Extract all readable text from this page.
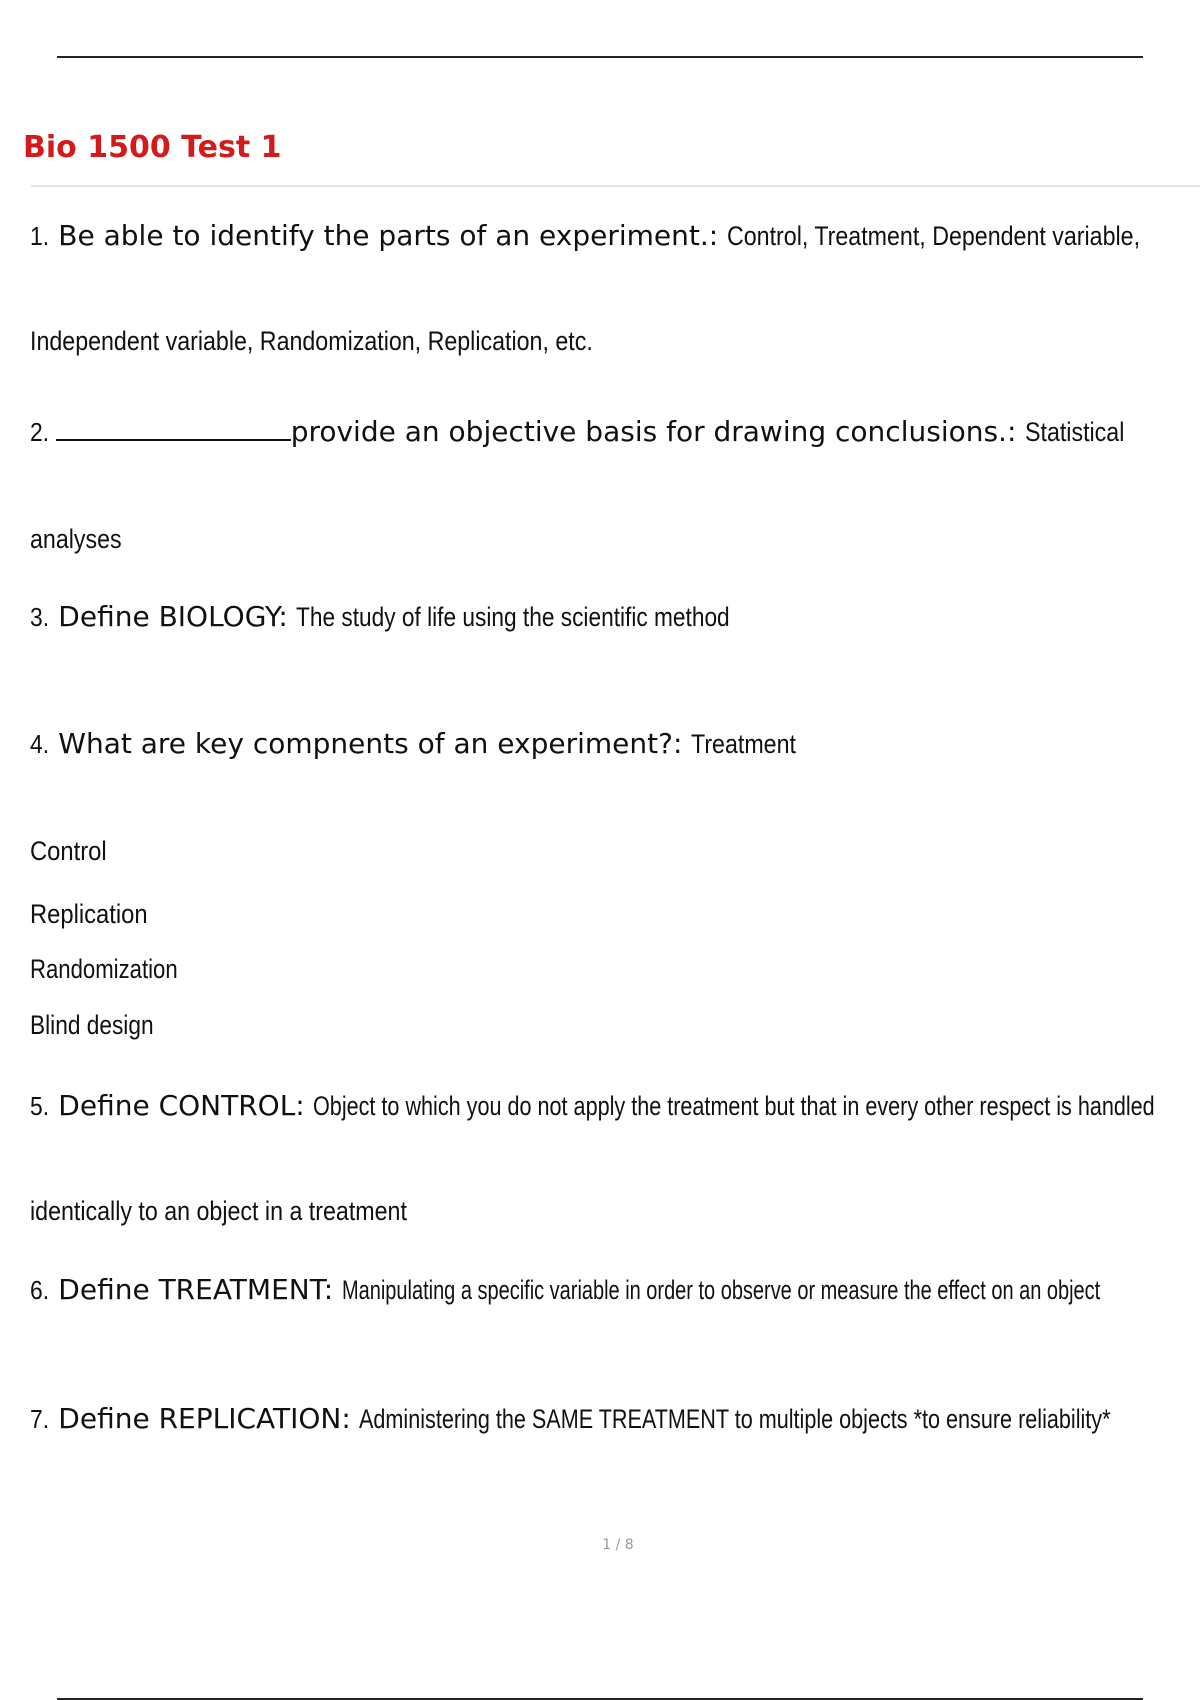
Bio 1500 Test 1
1. Be able to identify the parts of an experiment.: Control, Treatment, Dependent variable,
Independent variable, Randomization, Replication, etc.
2.	provide an objective basis for drawing conclusions.: Statistical
analyses
3. Define BIOLOGY: The study of life using the scientific method
4. What are key compnents of an experiment?: Treatment
Control
Replication
Randomization
Blind design
5. Define CONTROL: Object to which you do not apply the treatment but that in every other respect is handled
identically to an object in a treatment
6. Define TREATMENT: Manipulating a specific variable in order to observe or measure the effect on an object
7. Define REPLICATION: Administering the SAME TREATMENT to multiple objects *to ensure reliability*
1 / 8
